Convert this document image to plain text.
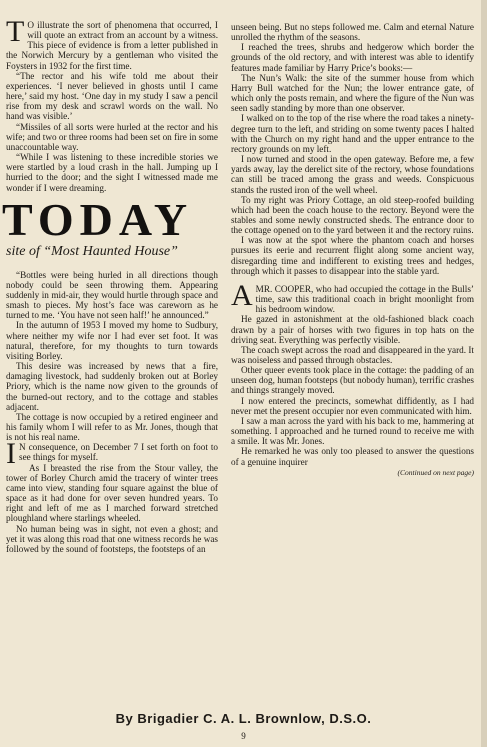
T O illustrate the sort of phenomena that occurred, I will quote an extract from an account by a witness. This piece of evidence is from a letter published in the Norwich Mercury by a gentleman who visited the Foysters in 1932 for the first time.

“The rector and his wife told me about their experiences. ‘I never believed in ghosts until I came here,’ said my host. ‘One day in my study I saw a pencil rise from my desk and scrawl words on the wall. No hand was visible.’

“Missiles of all sorts were hurled at the rector and his wife; and two or three rooms had been set on fire in some unaccountable way.

“While I was listening to these incredible stories we were startled by a loud crash in the hall. Jumping up I hurried to the door; and the sight I witnessed made me wonder if I were dreaming.

TODAY
site of “Most Haunted House”

“Bottles were being hurled in all directions though nobody could be seen throwing them. Appearing suddenly in mid-air, they would hurtle through space and smash to pieces. My host’s face was careworn as he turned to me. ‘You have not seen half!’ he announced.”

In the autumn of 1953 I moved my home to Sudbury, where neither my wife nor I had ever set foot. It was natural, therefore, for my thoughts to turn towards visiting Borley.

This desire was increased by news that a fire, damaging livestock, had suddenly broken out at Borley Priory, which is the name now given to the grounds of the burned-out rectory, and to the cottage and stables adjacent.

The cottage is now occupied by a retired engineer and his family whom I will refer to as Mr. Jones, though that is not his real name.

I N consequence, on December 7 I set forth on foot to see things for myself.

As I breasted the rise from the Stour valley, the tower of Borley Church amid the tracery of winter trees came into view, standing four square against the blue of space as it had done for over seven hundred years. To right and left of me as I marched forward stretched ploughland where starlings wheeled.

No human being was in sight, not even a ghost; and yet it was along this road that one witness records he was followed by the sound of footsteps, the footsteps of an

unseen being. But no steps followed me. Calm and eternal Nature unrolled the rhythm of the seasons.

I reached the trees, shrubs and hedgerow which border the grounds of the old rectory, and with interest was able to identify features made familiar by Harry Price’s books:—

The Nun’s Walk: the site of the summer house from which Harry Bull watched for the Nun; the lower entrance gate, of which only the posts remain, and where the figure of the Nun was seen sadly standing by more than one observer.

I walked on to the top of the rise where the road takes a ninety-degree turn to the left, and striding on some twenty paces I halted with the Church on my right hand and the upper entrance to the rectory grounds on my left.

I now turned and stood in the open gateway. Before me, a few yards away, lay the derelict site of the rectory, whose foundations can still be traced among the grass and weeds. Conspicuous stands the rusted iron of the well wheel.

To my right was Priory Cottage, an old steep-roofed building which had been the coach house to the rectory. Beyond were the stables and some newly constructed sheds. The entrance door to the cottage opened on to the yard between it and the rectory ruins.

I was now at the spot where the phantom coach and horses pursues its eerie and recurrent flight along some ancient way, disregarding time and indifferent to existing trees and hedges, through which it passes to disappear into the stable yard.

A MR. COOPER, who had occupied the cottage in the Bulls’ time, saw this traditional coach in bright moonlight from his bedroom window.

He gazed in astonishment at the old-fashioned black coach drawn by a pair of horses with two figures in top hats on the driving seat. Everything was perfectly visible.

The coach swept across the road and disappeared in the yard. It was noiseless and passed through obstacles.

Other queer events took place in the cottage: the padding of an unseen dog, human footsteps (but nobody human), terrific crashes and things strangely moved.

I now entered the precincts, somewhat diffidently, as I had never met the present occupier nor even communicated with him.

I saw a man across the yard with his back to me, hammering at something. I approached and he turned round to receive me with a smile. It was Mr. Jones.

He remarked he was only too pleased to answer the questions of a genuine inquirer

(Continued on next page)
By Brigadier C. A. L. Brownlow, D.S.O.
9
